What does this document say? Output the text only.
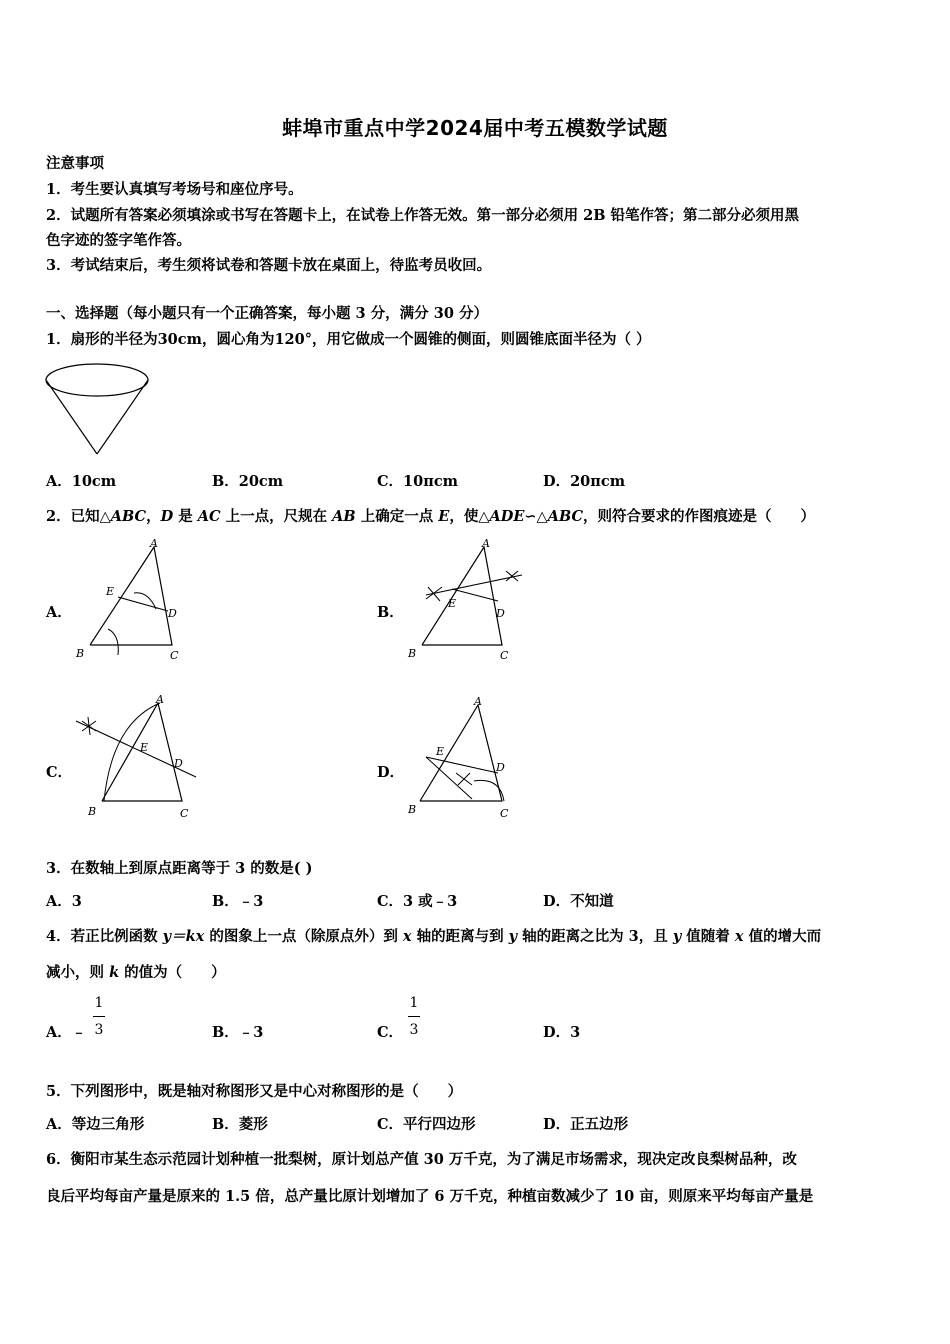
蚌埠市重点中学2024届中考五模数学试题
注意事项
1．考生要认真填写考场号和座位序号。
2．试题所有答案必须填涂或书写在答题卡上，在试卷上作答无效。第一部分必须用 2B 铅笔作答；第二部分必须用黑
色字迹的签字笔作答。
3．考试结束后，考生须将试卷和答题卡放在桌面上，待监考员收回。
一、选择题（每小题只有一个正确答案，每小题 3 分，满分 30 分）
1．扇形的半径为30cm，圆心角为120°，用它做成一个圆锥的侧面，则圆锥底面半径为（ ）
A．10cm	B．20cm	C．10πcm	D．20πcm
2．已知△ABC，D 是 AC 上一点，尺规在 AB 上确定一点 E，使△ADE∽△ABC，则符合要求的作图痕迹是（　　）
A．
A
B	C
D
E
B．
A
B	C
D
E
C．
A
B	C
D
E
D．
A
B	C
D
E
3．在数轴上到原点距离等于 3 的数是( )
A．3	B．﹣3	C．3 或﹣3	D．不知道
4．若正比例函数 y＝kx 的图象上一点（除原点外）到 x 轴的距离与到 y 轴的距离之比为 3，且 y 值随着 x 值的增大而
减小，则 k 的值为（　　）
A．﹣
1
3	B．﹣3	C．
1
3	D．3
5．下列图形中，既是轴对称图形又是中心对称图形的是（　　）
A．等边三角形	B．菱形	C．平行四边形	D．正五边形
6．衡阳市某生态示范园计划种植一批梨树，原计划总产值 30 万千克，为了满足市场需求，现决定改良梨树品种，改
良后平均每亩产量是原来的 1.5 倍，总产量比原计划增加了 6 万千克，种植亩数减少了 10 亩，则原来平均每亩产量是
